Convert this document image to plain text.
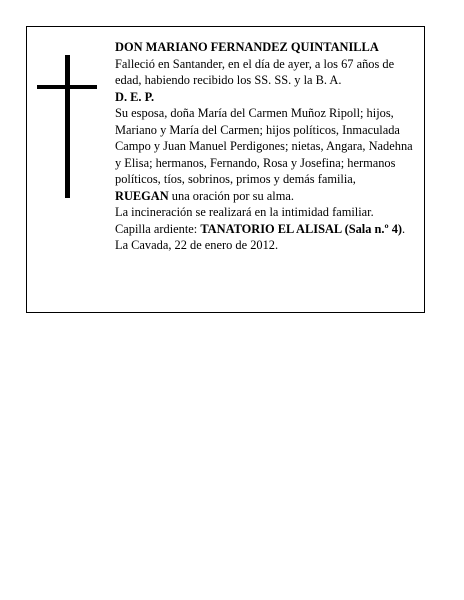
DON MARIANO FERNANDEZ QUINTANILLA

Falleció en Santander, en el día de ayer, a los 67 años de edad, habiendo recibido los SS. SS. y la B. A.

D. E. P.

Su esposa, doña María del Carmen Muñoz Ripoll; hijos, Mariano y María del Carmen; hijos políticos, Inmaculada Campo y Juan Manuel Perdigones; nietas, Angara, Nadehna y Elisa; hermanos, Fernando, Rosa y Josefina; hermanos políticos, tíos, sobrinos, primos y demás familia,

RUEGAN una oración por su alma.

La incineración se realizará en la intimidad familiar.

Capilla ardiente: TANATORIO EL ALISAL (Sala n.º 4).

La Cavada, 22 de enero de 2012.
